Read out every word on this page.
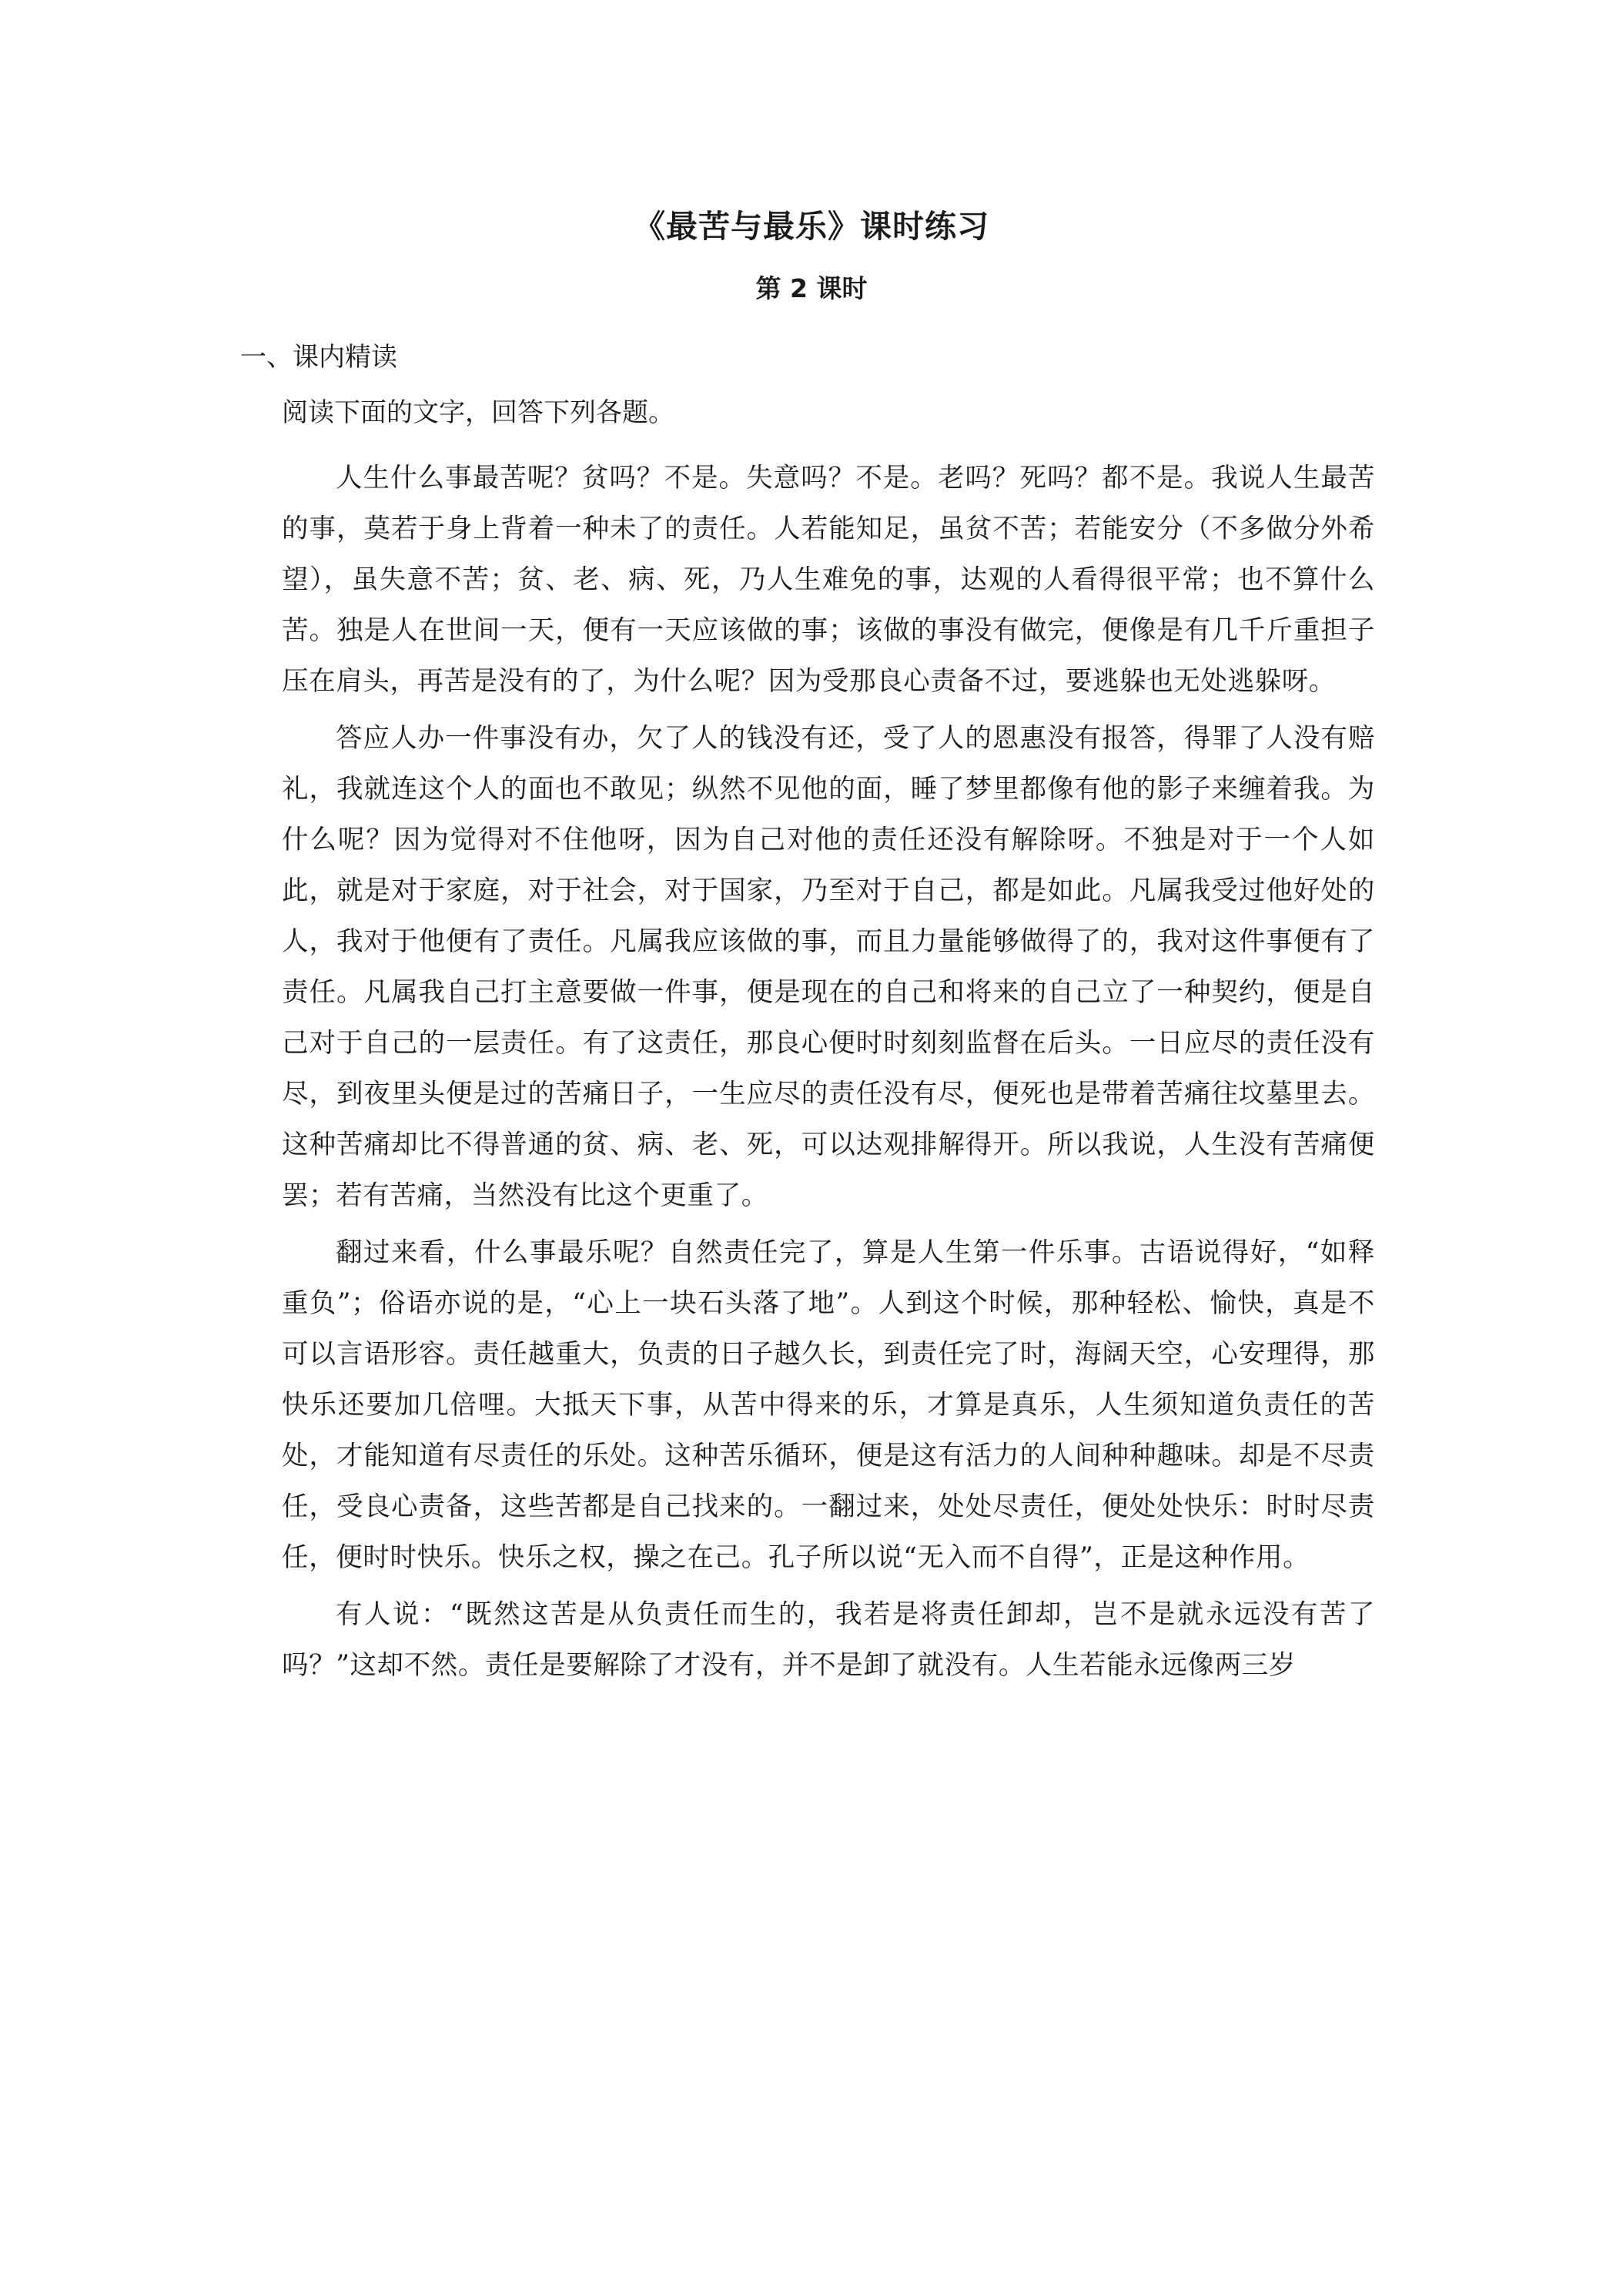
《最苦与最乐》课时练习
第 2 课时
一、课内精读
阅读下面的文字，回答下列各题。

人生什么事最苦呢？贫吗？不是。失意吗？不是。老吗？死吗？都不是。我说人生最苦的事，莫若于身上背着一种未了的责任。人若能知足，虽贫不苦；若能安分（不多做分外希望），虽失意不苦；贫、老、病、死，乃人生难免的事，达观的人看得很平常；也不算什么苦。独是人在世间一天，便有一天应该做的事；该做的事没有做完，便像是有几千斤重担子压在肩头，再苦是没有的了，为什么呢？因为受那良心责备不过，要逃躲也无处逃躲呀。

答应人办一件事没有办，欠了人的钱没有还，受了人的恩惠没有报答，得罪了人没有赔礼，我就连这个人的面也不敢见；纵然不见他的面，睡了梦里都像有他的影子来缠着我。为什么呢？因为觉得对不住他呀，因为自己对他的责任还没有解除呀。不独是对于一个人如此，就是对于家庭，对于社会，对于国家，乃至对于自己，都是如此。凡属我受过他好处的人，我对于他便有了责任。凡属我应该做的事，而且力量能够做得了的，我对这件事便有了责任。凡属我自己打主意要做一件事，便是现在的自己和将来的自己立了一种契约，便是自己对于自己的一层责任。有了这责任，那良心便时时刻刻监督在后头。一日应尽的责任没有尽，到夜里头便是过的苦痛日子，一生应尽的责任没有尽，便死也是带着苦痛往坟墓里去。这种苦痛却比不得普通的贫、病、老、死，可以达观排解得开。所以我说，人生没有苦痛便罢；若有苦痛，当然没有比这个更重了。

翻过来看，什么事最乐呢？自然责任完了，算是人生第一件乐事。古语说得好，“如释重负”；俗语亦说的是，“心上一块石头落了地”。人到这个时候，那种轻松、愉快，真是不可以言语形容。责任越重大，负责的日子越久长，到责任完了时，海阔天空，心安理得，那快乐还要加几倍哩。大抵天下事，从苦中得来的乐，才算是真乐，人生须知道负责任的苦处，才能知道有尽责任的乐处。这种苦乐循环，便是这有活力的人间种种趣味。却是不尽责任，受良心责备，这些苦都是自己找来的。一翻过来，处处尽责任，便处处快乐：时时尽责任，便时时快乐。快乐之权，操之在己。孔子所以说“无入而不自得”，正是这种作用。

有人说：“既然这苦是从负责任而生的，我若是将责任卸却，岂不是就永远没有苦了吗？”这却不然。责任是要解除了才没有，并不是卸了就没有。人生若能永远像两三岁
